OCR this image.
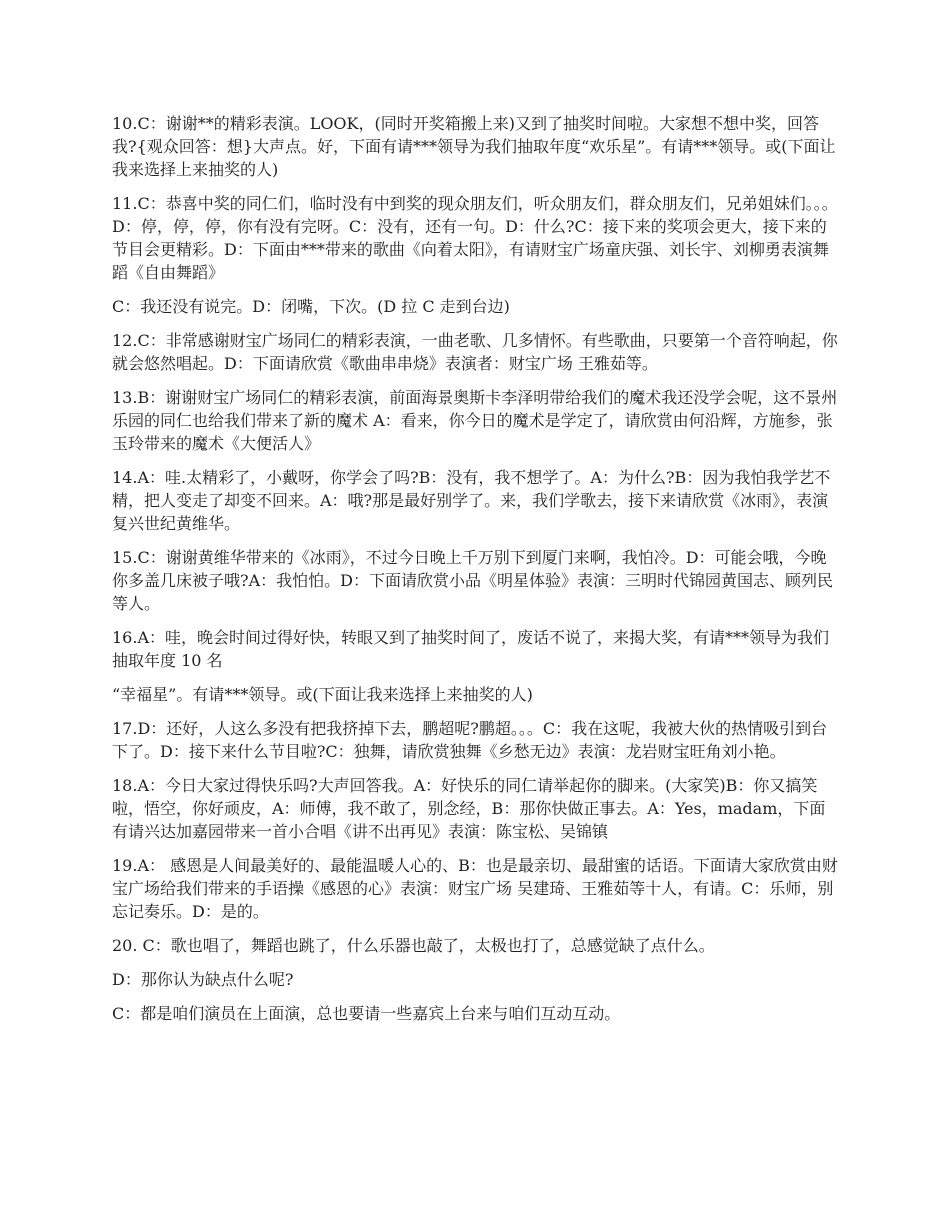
10.C：谢谢**的精彩表演。LOOK，(同时开奖箱搬上来)又到了抽奖时间啦。大家想不想中奖，回答我?{观众回答：想}大声点。好，下面有请***领导为我们抽取年度“欢乐星”。有请***领导。或(下面让我来选择上来抽奖的人)

11.C：恭喜中奖的同仁们，临时没有中到奖的现众朋友们，听众朋友们，群众朋友们，兄弟姐妹们。。。D：停，停，停，你有没有完呀。C：没有，还有一句。D：什么?C：接下来的奖项会更大，接下来的节目会更精彩。D：下面由***带来的歌曲《向着太阳》，有请财宝广场童庆强、刘长宇、刘柳勇表演舞蹈《自由舞蹈》

C：我还没有说完。D：闭嘴，下次。(D 拉 C 走到台边)

12.C：非常感谢财宝广场同仁的精彩表演，一曲老歌、几多情怀。有些歌曲，只要第一个音符响起，你就会悠然唱起。D：下面请欣赏《歌曲串串烧》表演者：财宝广场 王雅茹等。

13.B：谢谢财宝广场同仁的精彩表演，前面海景奥斯卡李泽明带给我们的魔术我还没学会呢，这不景州乐园的同仁也给我们带来了新的魔术 A：看来，你今日的魔术是学定了，请欣赏由何沿辉，方施参，张玉玲带来的魔术《大便活人》

14.A：哇.太精彩了，小戴呀，你学会了吗?B：没有，我不想学了。A：为什么?B：因为我怕我学艺不精，把人变走了却变不回来。A：哦?那是最好别学了。来，我们学歌去，接下来请欣赏《冰雨》，表演复兴世纪黄维华。

15.C：谢谢黄维华带来的《冰雨》，不过今日晚上千万别下到厦门来啊，我怕冷。D：可能会哦，今晚你多盖几床被子哦?A：我怕怕。D：下面请欣赏小品《明星体验》表演：三明时代锦园黄国志、顾列民等人。

16.A：哇，晚会时间过得好快，转眼又到了抽奖时间了，废话不说了，来揭大奖，有请***领导为我们抽取年度 10 名

“幸福星”。有请***领导。或(下面让我来选择上来抽奖的人)

17.D：还好，人这么多没有把我挤掉下去，鹏超呢?鹏超。。。C：我在这呢，我被大伙的热情吸引到台下了。D：接下来什么节目啦?C：独舞，请欣赏独舞《乡愁无边》表演：龙岩财宝旺角刘小艳。

18.A：今日大家过得快乐吗?大声回答我。A：好快乐的同仁请举起你的脚来。(大家笑)B：你又搞笑啦，悟空，你好顽皮，A：师傅，我不敢了，别念经，B：那你快做正事去。A：Yes，madam，下面有请兴达加嘉园带来一首小合唱《讲不出再见》表演：陈宝松、吴锦镇

19.A： 感恩是人间最美好的、最能温暖人心的、B：也是最亲切、最甜蜜的话语。下面请大家欣赏由财宝广场给我们带来的手语操《感恩的心》表演：财宝广场 吴建琦、王雅茹等十人，有请。C：乐师，别忘记奏乐。D：是的。

20. C：歌也唱了，舞蹈也跳了，什么乐器也敲了，太极也打了，总感觉缺了点什么。

D：那你认为缺点什么呢?

C：都是咱们演员在上面演，总也要请一些嘉宾上台来与咱们互动互动。
